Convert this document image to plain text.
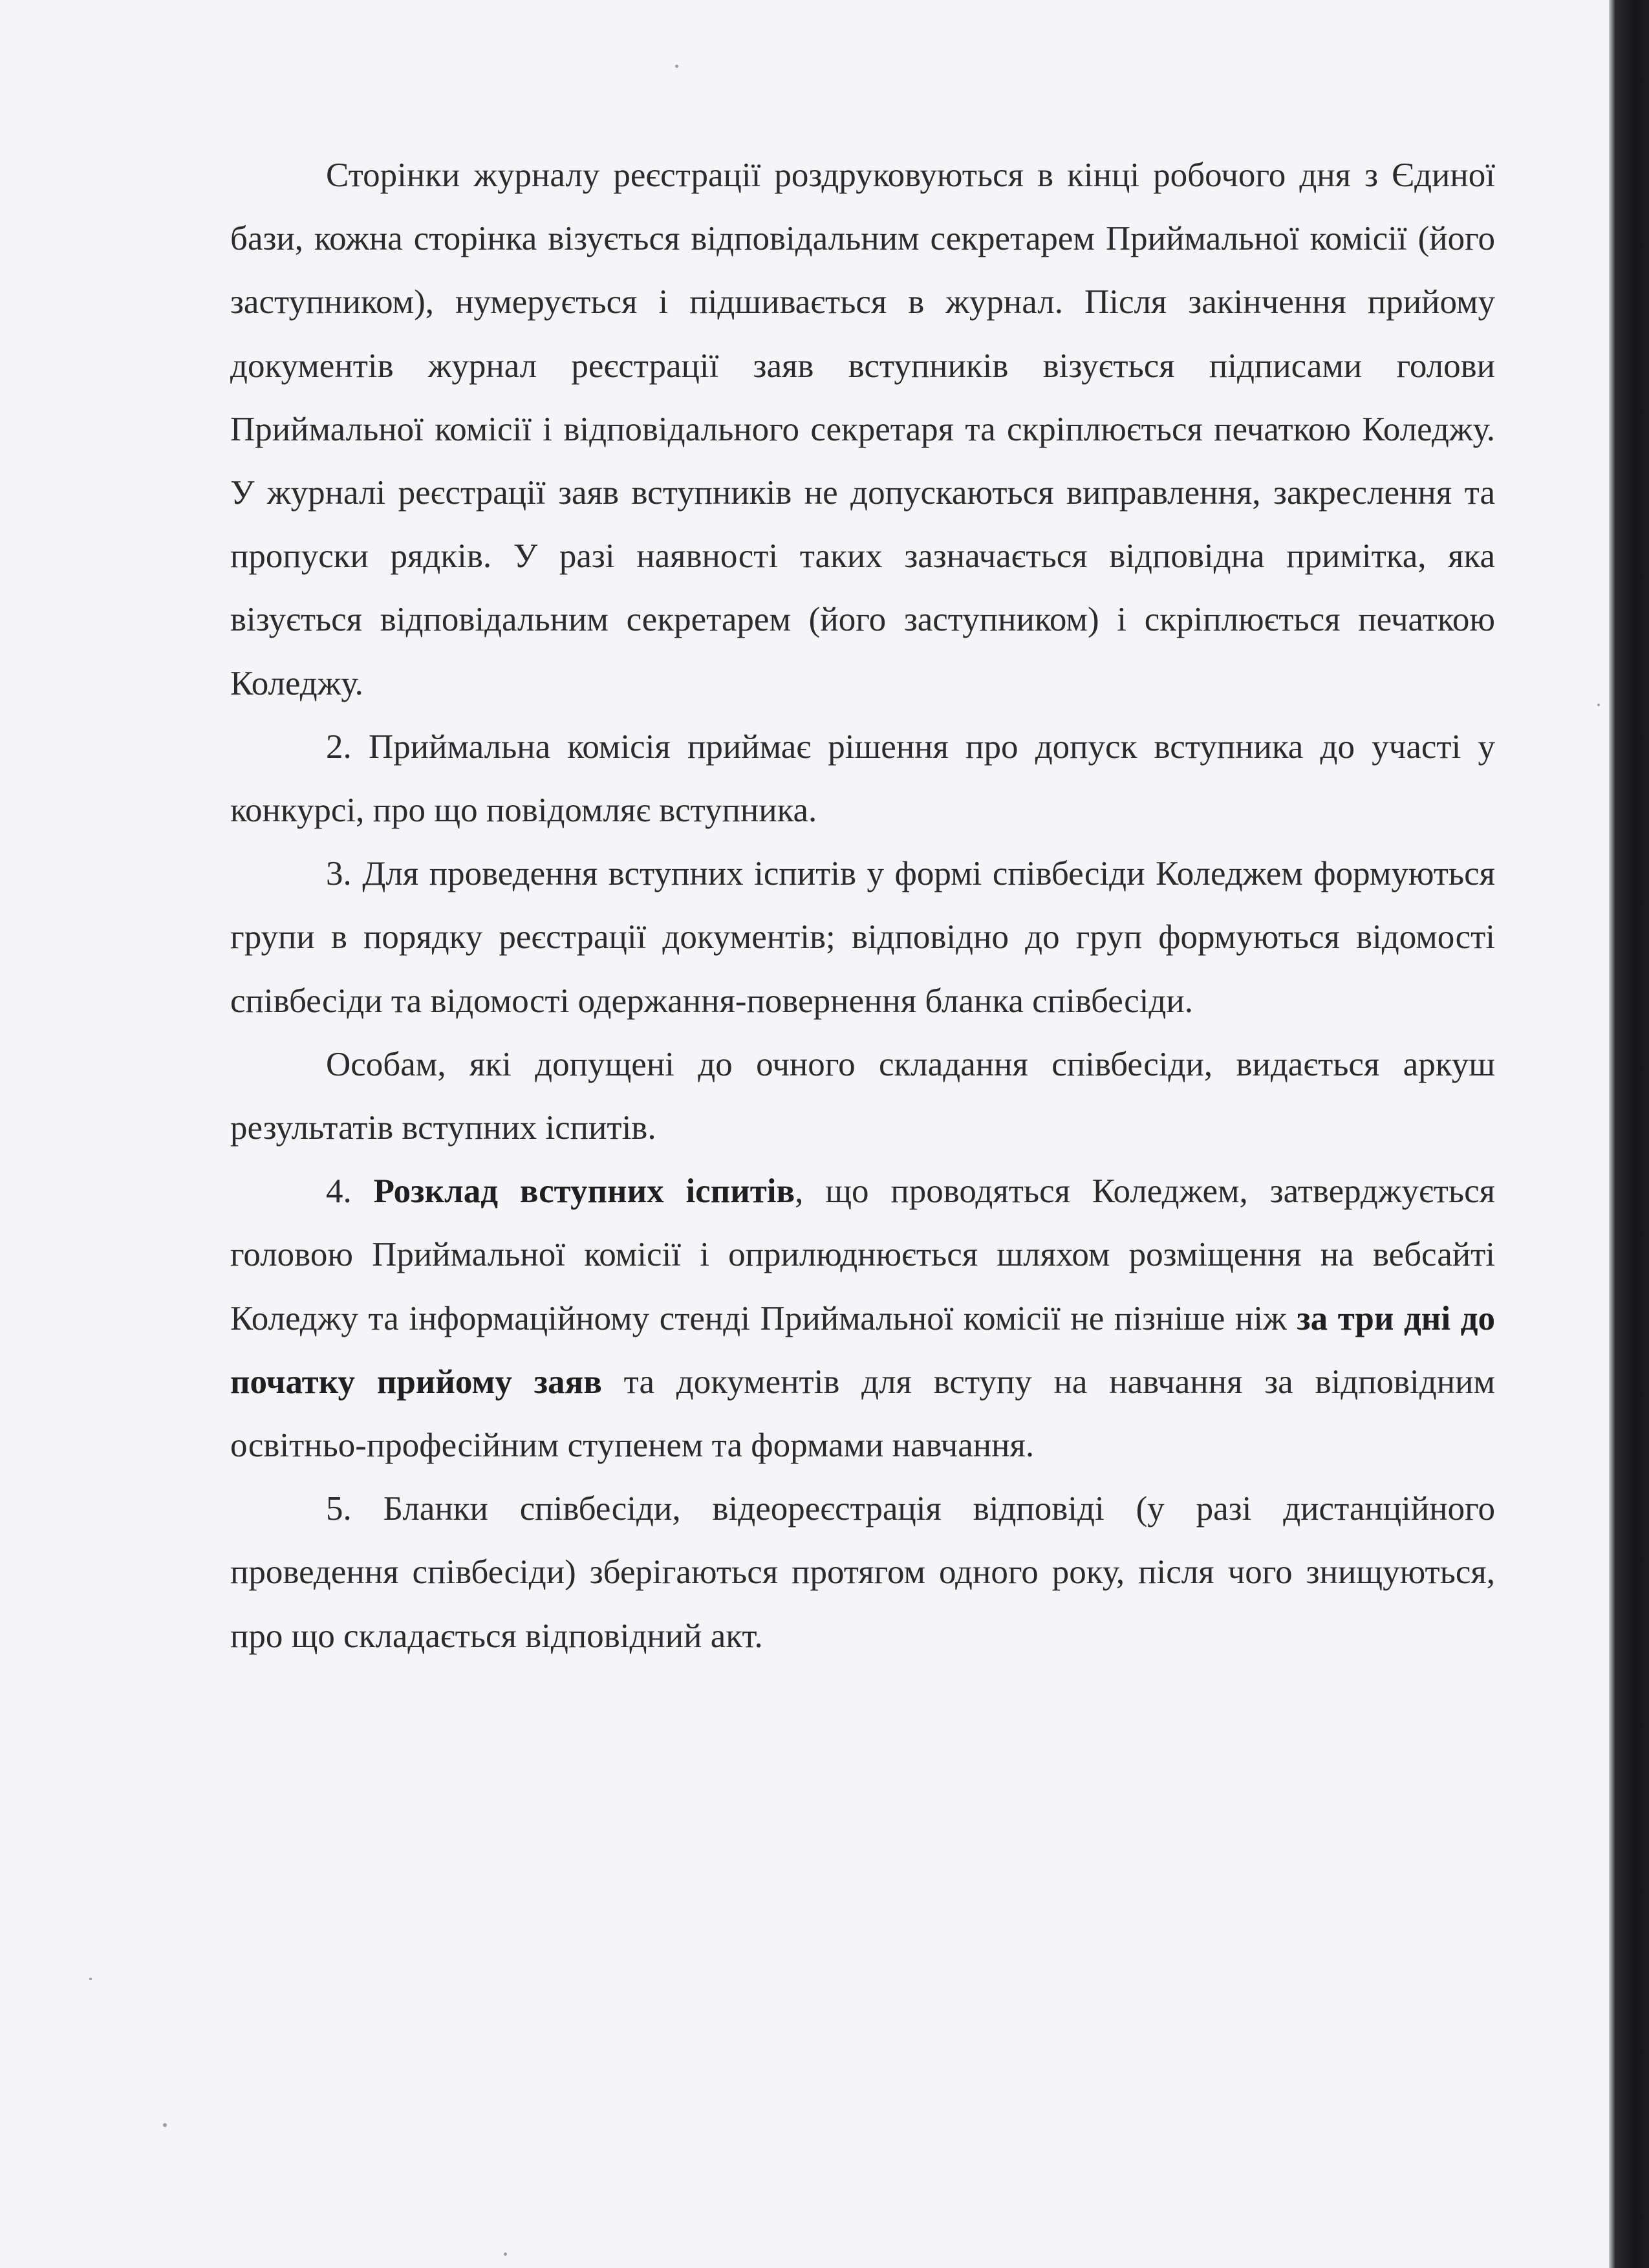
Сторінки журналу реєстрації роздруковуються в кінці робочого дня з Єдиної бази, кожна сторінка візується відповідальним секретарем Приймальної комісії (його заступником), нумерується і підшивається в журнал. Після закінчення прийому документів журнал реєстрації заяв вступників візується підписами голови Приймальної комісії і відповідального секретаря та скріплюється печаткою Коледжу. У журналі реєстрації заяв вступників не допускаються виправлення, закреслення та пропуски рядків. У разі наявності таких зазначається відповідна примітка, яка візується відповідальним секретарем (його заступником) і скріплюється печаткою Коледжу.

2. Приймальна комісія приймає рішення про допуск вступника до участі у конкурсі, про що повідомляє вступника.

3. Для проведення вступних іспитів у формі співбесіди Коледжем формуються групи в порядку реєстрації документів; відповідно до груп формуються відомості співбесіди та відомості одержання-повернення бланка співбесіди.

Особам, які допущені до очного складання співбесіди, видається аркуш результатів вступних іспитів.

4. Розклад вступних іспитів, що проводяться Коледжем, затверджується головою Приймальної комісії і оприлюднюється шляхом розміщення на вебсайті Коледжу та інформаційному стенді Приймальної комісії не пізніше ніж за три дні до початку прийому заяв та документів для вступу на навчання за відповідним освітньо-професійним ступенем та формами навчання.

5. Бланки співбесіди, відеореєстрація відповіді (у разі дистанційного проведення співбесіди) зберігаються протягом одного року, після чого знищуються, про що складається відповідний акт.
